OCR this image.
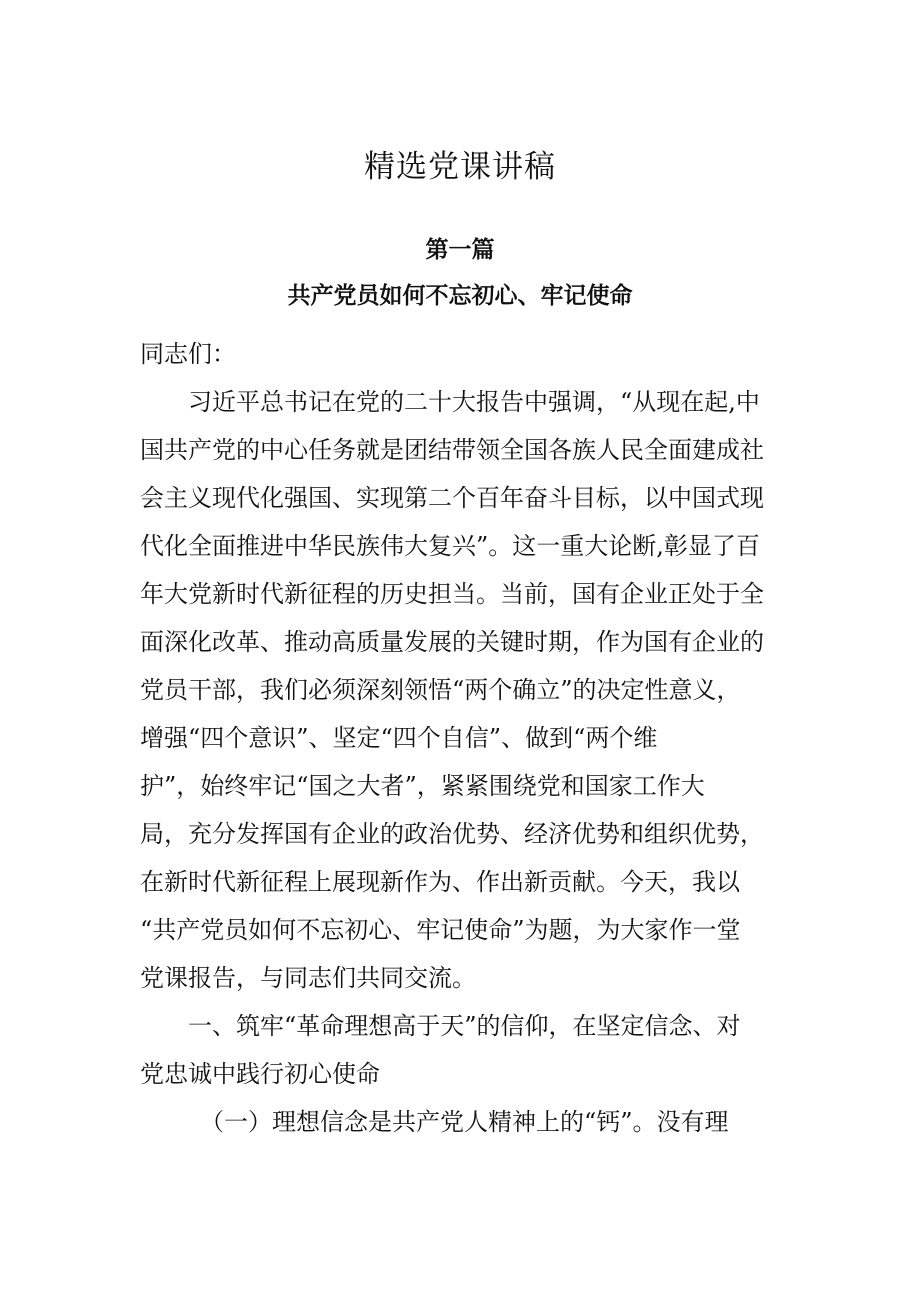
精选党课讲稿
第一篇
共产党员如何不忘初心、牢记使命
同志们：
　　习近平总书记在党的二十大报告中强调，“从现在起,中
国共产党的中心任务就是团结带领全国各族人民全面建成社
会主义现代化强国、实现第二个百年奋斗目标，以中国式现
代化全面推进中华民族伟大复兴”。这一重大论断,彰显了百
年大党新时代新征程的历史担当。当前，国有企业正处于全
面深化改革、推动高质量发展的关键时期，作为国有企业的
党员干部，我们必须深刻领悟“两个确立”的决定性意义，
增强“四个意识”、坚定“四个自信”、做到“两个维
护”，始终牢记“国之大者”，紧紧围绕党和国家工作大
局，充分发挥国有企业的政治优势、经济优势和组织优势，
在新时代新征程上展现新作为、作出新贡献。今天，我以
“共产党员如何不忘初心、牢记使命”为题，为大家作一堂
党课报告，与同志们共同交流。
　　一、筑牢“革命理想高于天”的信仰，在坚定信念、对
党忠诚中践行初心使命
　　　（一）理想信念是共产党人精神上的“钙”。没有理
